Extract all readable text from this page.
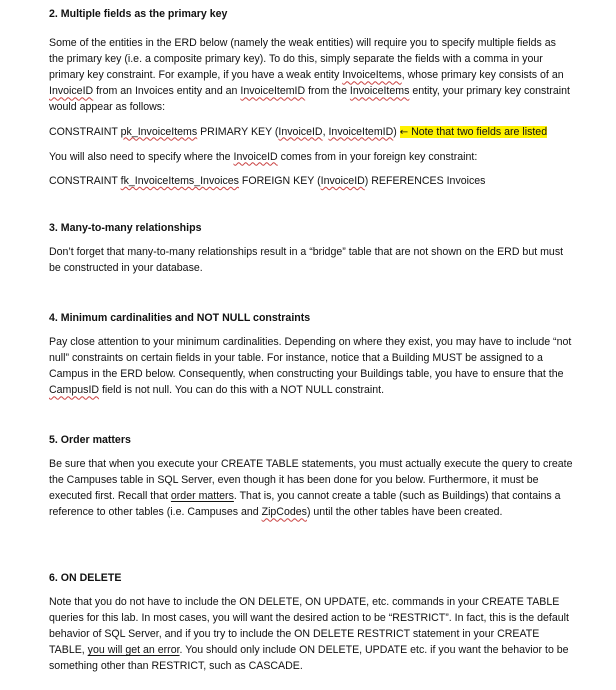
2. Multiple fields as the primary key

Some of the entities in the ERD below (namely the weak entities) will require you to specify multiple fields as the primary key (i.e. a composite primary key). To do this, simply separate the fields with a comma in your primary key constraint. For example, if you have a weak entity InvoiceItems, whose primary key consists of an InvoiceID from an Invoices entity and an InvoiceItemID from the InvoiceItems entity, your primary key constraint would appear as follows:

CONSTRAINT pk_InvoiceItems PRIMARY KEY (InvoiceID, InvoiceItemID) ← Note that two fields are listed

You will also need to specify where the InvoiceID comes from in your foreign key constraint:

CONSTRAINT fk_InvoiceItems_Invoices FOREIGN KEY (InvoiceID) REFERENCES Invoices

3. Many-to-many relationships

Don’t forget that many-to-many relationships result in a “bridge” table that are not shown on the ERD but must be constructed in your database.

4. Minimum cardinalities and NOT NULL constraints

Pay close attention to your minimum cardinalities. Depending on where they exist, you may have to include “not null” constraints on certain fields in your table. For instance, notice that a Building MUST be assigned to a Campus in the ERD below. Consequently, when constructing your Buildings table, you have to ensure that the CampusID field is not null. You can do this with a NOT NULL constraint.

5. Order matters

Be sure that when you execute your CREATE TABLE statements, you must actually execute the query to create the Campuses table in SQL Server, even though it has been done for you below. Furthermore, it must be executed first. Recall that order matters. That is, you cannot create a table (such as Buildings) that contains a reference to other tables (i.e. Campuses and ZipCodes) until the other tables have been created.

6. ON DELETE

Note that you do not have to include the ON DELETE, ON UPDATE, etc. commands in your CREATE TABLE queries for this lab. In most cases, you will want the desired action to be “RESTRICT”. In fact, this is the default behavior of SQL Server, and if you try to include the ON DELETE RESTRICT statement in your CREATE TABLE, you will get an error. You should only include ON DELETE, UPDATE etc. if you want the behavior to be something other than RESTRICT, such as CASCADE.
